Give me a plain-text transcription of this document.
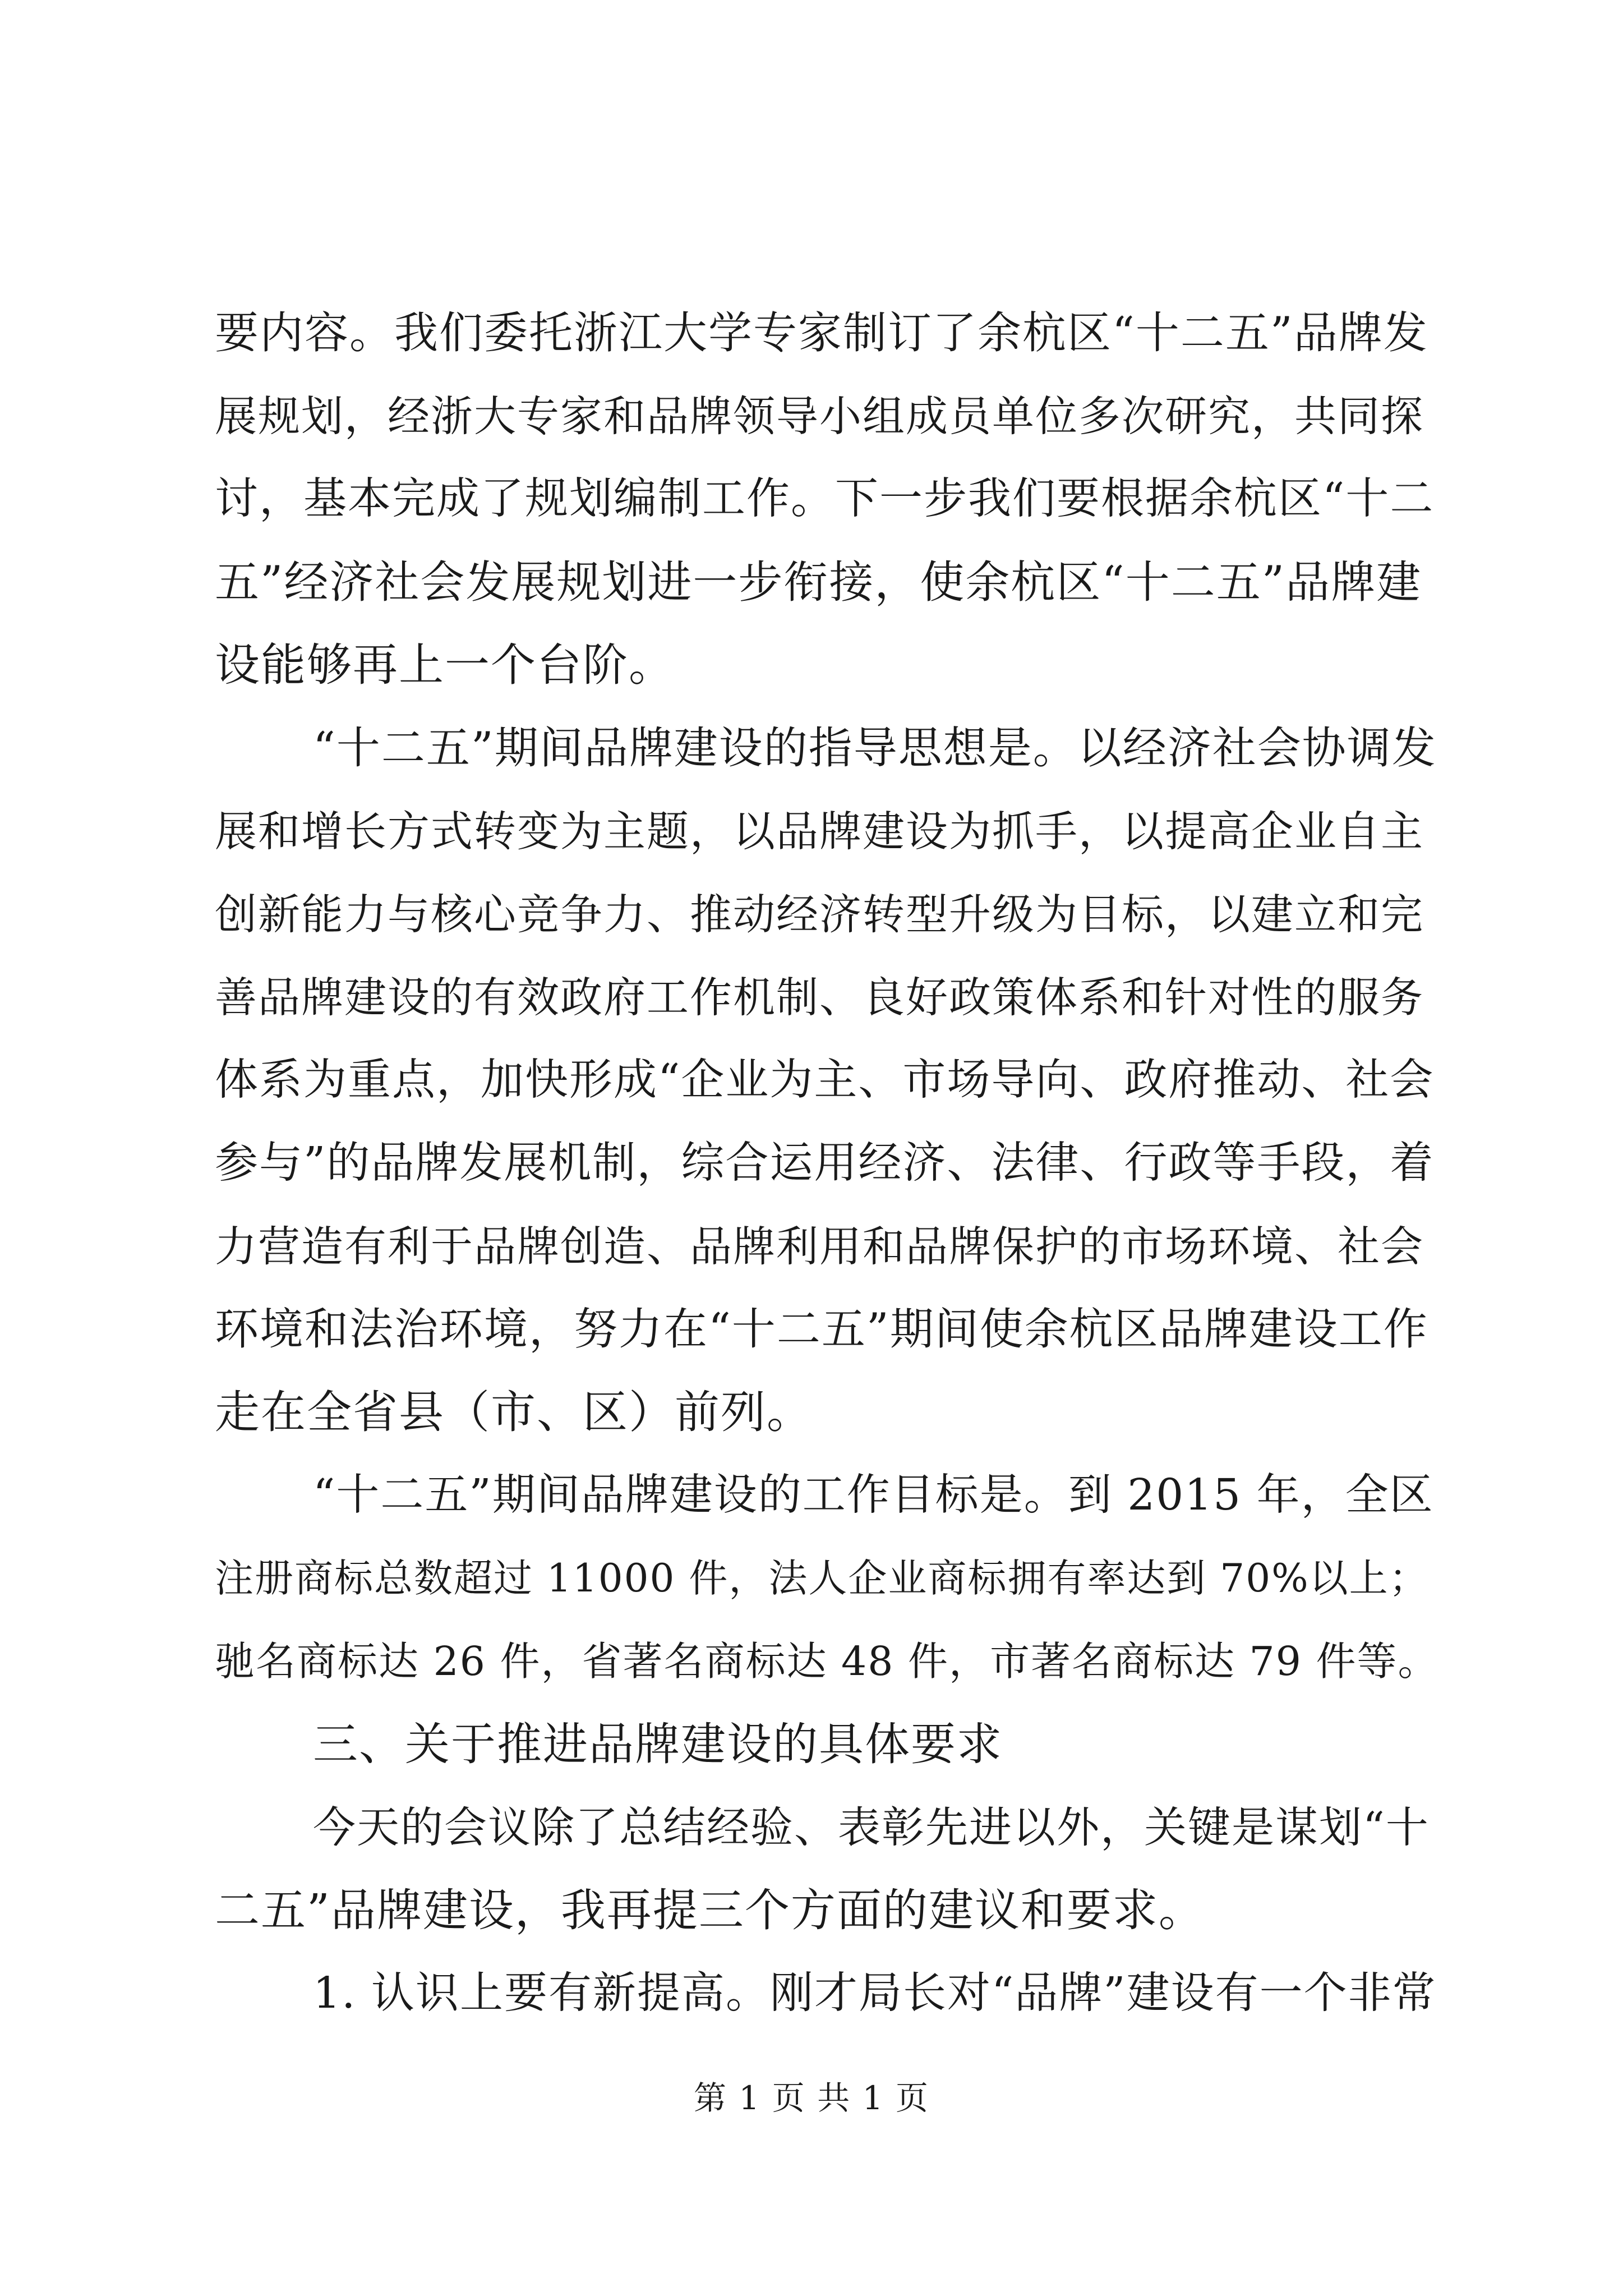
要内容。我们委托浙江大学专家制订了余杭区“十二五”品牌发
展规划，经浙大专家和品牌领导小组成员单位多次研究，共同探
讨，基本完成了规划编制工作。下一步我们要根据余杭区“十二
五”经济社会发展规划进一步衔接，使余杭区“十二五”品牌建
设能够再上一个台阶。
“十二五”期间品牌建设的指导思想是。以经济社会协调发
展和增长方式转变为主题，以品牌建设为抓手，以提高企业自主
创新能力与核心竞争力、推动经济转型升级为目标，以建立和完
善品牌建设的有效政府工作机制、良好政策体系和针对性的服务
体系为重点，加快形成“企业为主、市场导向、政府推动、社会
参与”的品牌发展机制，综合运用经济、法律、行政等手段，着
力营造有利于品牌创造、品牌利用和品牌保护的市场环境、社会
环境和法治环境，努力在“十二五”期间使余杭区品牌建设工作
走在全省县（市、区）前列。
“十二五”期间品牌建设的工作目标是。到 2015 年，全区
注册商标总数超过 11000 件，法人企业商标拥有率达到 70%以上；
驰名商标达 26 件，省著名商标达 48 件，市著名商标达 79 件等。
三、关于推进品牌建设的具体要求
今天的会议除了总结经验、表彰先进以外，关键是谋划“十
二五”品牌建设，我再提三个方面的建议和要求。
1. 认识上要有新提高。刚才局长对“品牌”建设有一个非常
第 1 页 共 1 页
